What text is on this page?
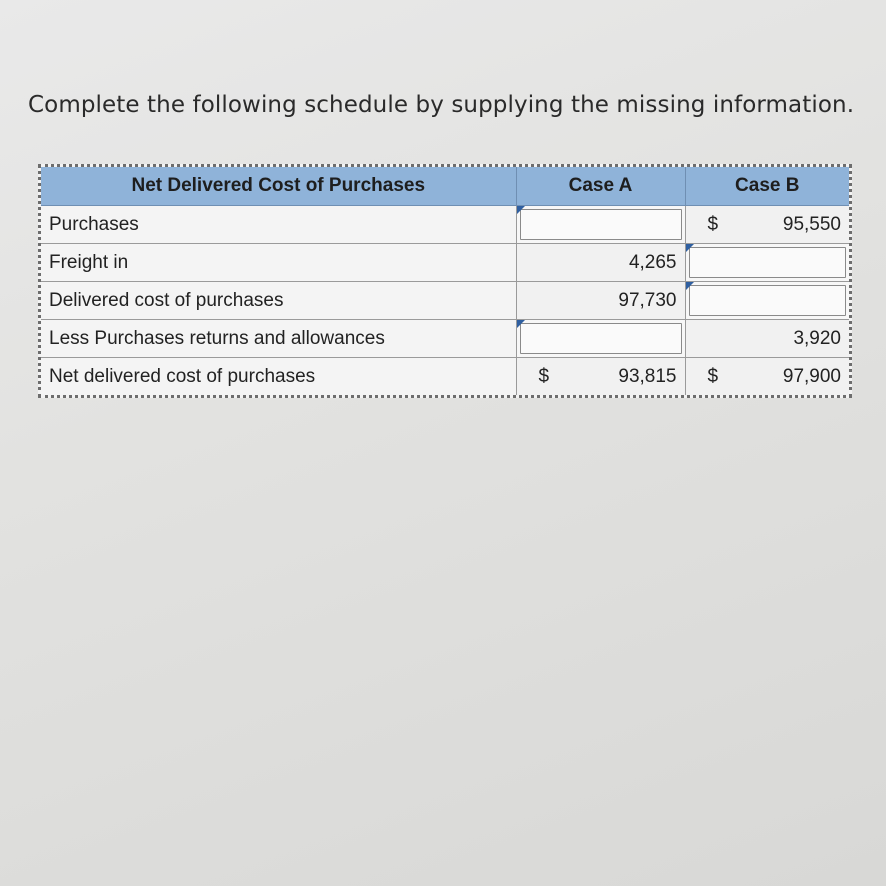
Complete the following schedule by supplying the missing information.
Net Delivered Cost of Purchases	Case A	Case B
Purchases		$ 95,550

Freight in	4,265	

Delivered cost of purchases	97,730	

Less Purchases returns and allowances		3,920

Net delivered cost of purchases	$ 93,815	$ 97,900
